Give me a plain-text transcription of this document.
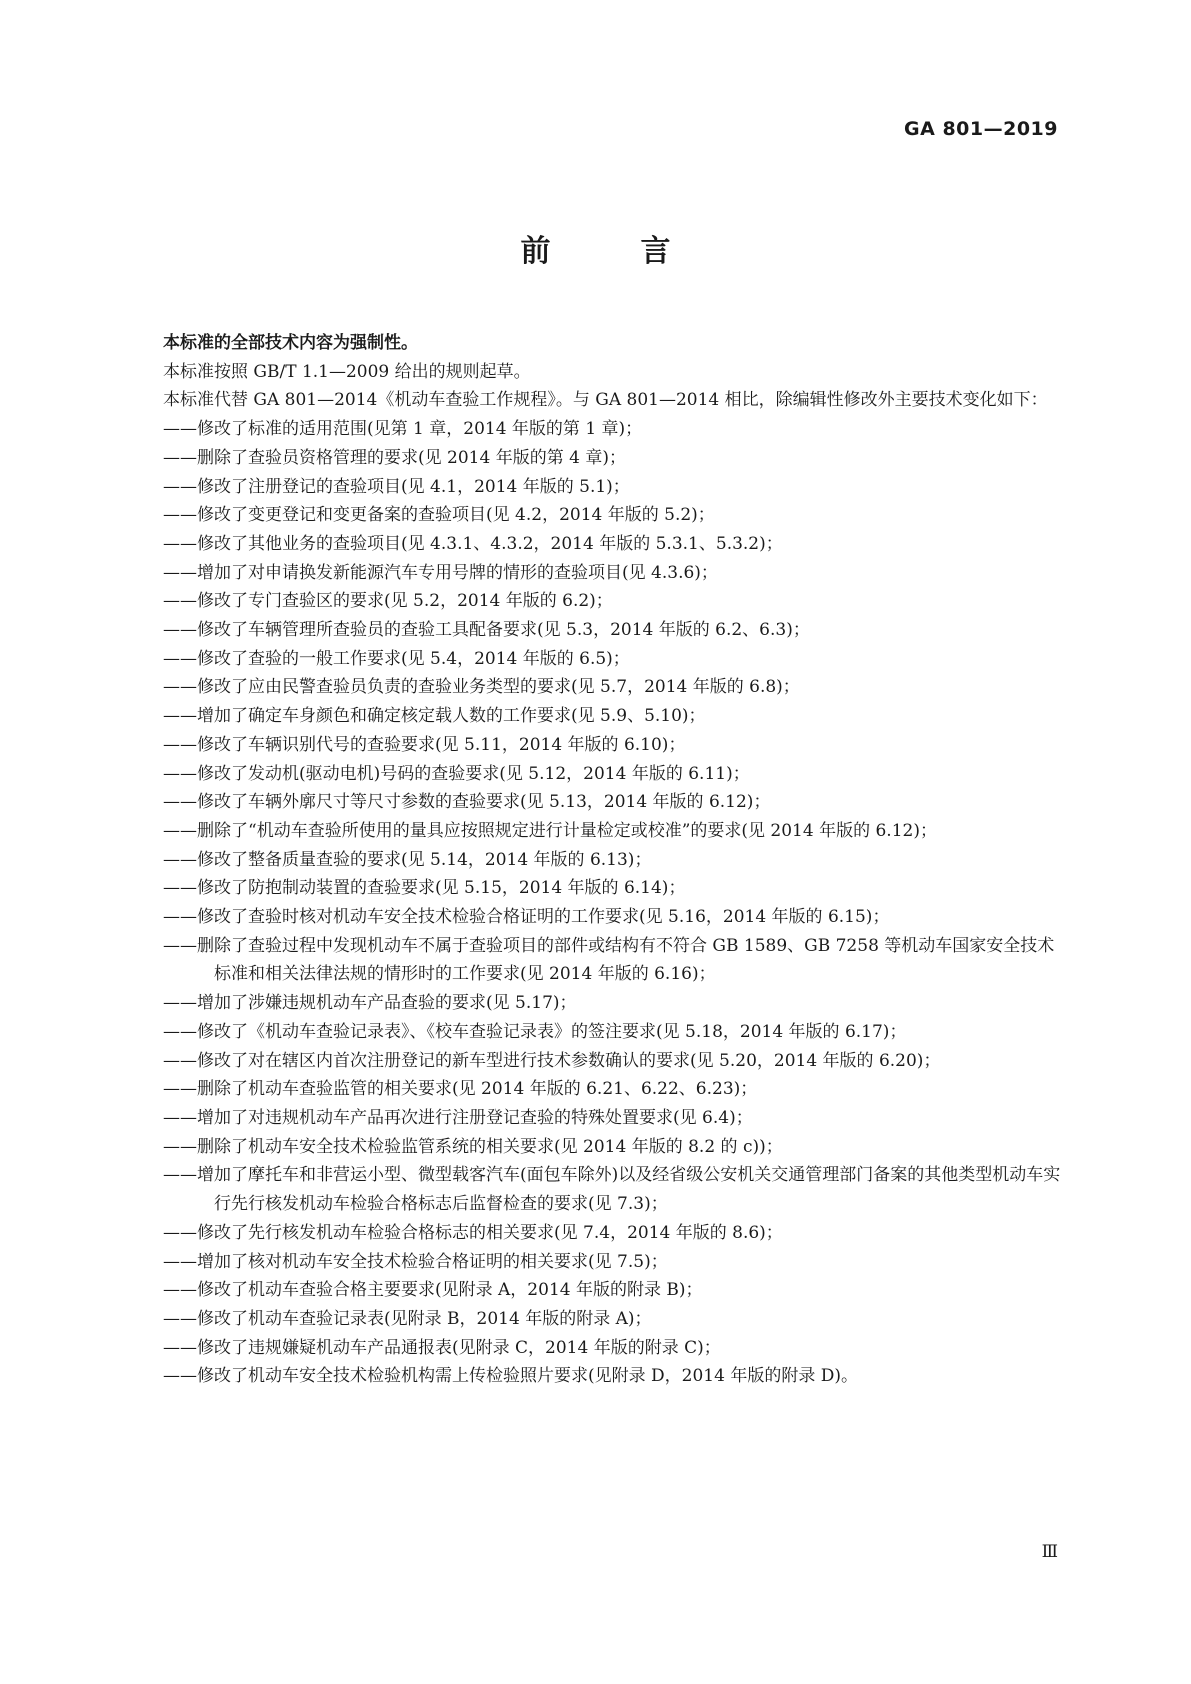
GA 801—2019
前　言

本标准的全部技术内容为强制性。

本标准按照 GB/T 1.1—2009 给出的规则起草。

本标准代替 GA 801—2014《机动车查验工作规程》。与 GA 801—2014 相比，除编辑性修改外主要技术变化如下：

——修改了标准的适用范围(见第 1 章，2014 年版的第 1 章)；
——删除了查验员资格管理的要求(见 2014 年版的第 4 章)；
——修改了注册登记的查验项目(见 4.1，2014 年版的 5.1)；
——修改了变更登记和变更备案的查验项目(见 4.2，2014 年版的 5.2)；
——修改了其他业务的查验项目(见 4.3.1、4.3.2，2014 年版的 5.3.1、5.3.2)；
——增加了对申请换发新能源汽车专用号牌的情形的查验项目(见 4.3.6)；
——修改了专门查验区的要求(见 5.2，2014 年版的 6.2)；
——修改了车辆管理所查验员的查验工具配备要求(见 5.3，2014 年版的 6.2、6.3)；
——修改了查验的一般工作要求(见 5.4，2014 年版的 6.5)；
——修改了应由民警查验员负责的查验业务类型的要求(见 5.7，2014 年版的 6.8)；
——增加了确定车身颜色和确定核定载人数的工作要求(见 5.9、5.10)；
——修改了车辆识别代号的查验要求(见 5.11，2014 年版的 6.10)；
——修改了发动机(驱动电机)号码的查验要求(见 5.12，2014 年版的 6.11)；
——修改了车辆外廓尺寸等尺寸参数的查验要求(见 5.13，2014 年版的 6.12)；
——删除了“机动车查验所使用的量具应按照规定进行计量检定或校准”的要求(见 2014 年版的 6.12)；
——修改了整备质量查验的要求(见 5.14，2014 年版的 6.13)；
——修改了防抱制动装置的查验要求(见 5.15，2014 年版的 6.14)；
——修改了查验时核对机动车安全技术检验合格证明的工作要求(见 5.16，2014 年版的 6.15)；
——删除了查验过程中发现机动车不属于查验项目的部件或结构有不符合 GB 1589、GB 7258 等机动车国家安全技术标准和相关法律法规的情形时的工作要求(见 2014 年版的 6.16)；
——增加了涉嫌违规机动车产品查验的要求(见 5.17)；
——修改了《机动车查验记录表》、《校车查验记录表》的签注要求(见 5.18，2014 年版的 6.17)；
——修改了对在辖区内首次注册登记的新车型进行技术参数确认的要求(见 5.20，2014 年版的 6.20)；
——删除了机动车查验监管的相关要求(见 2014 年版的 6.21、6.22、6.23)；
——增加了对违规机动车产品再次进行注册登记查验的特殊处置要求(见 6.4)；
——删除了机动车安全技术检验监管系统的相关要求(见 2014 年版的 8.2 的 c))；
——增加了摩托车和非营运小型、微型载客汽车(面包车除外)以及经省级公安机关交通管理部门备案的其他类型机动车实行先行核发机动车检验合格标志后监督检查的要求(见 7.3)；
——修改了先行核发机动车检验合格标志的相关要求(见 7.4，2014 年版的 8.6)；
——增加了核对机动车安全技术检验合格证明的相关要求(见 7.5)；
——修改了机动车查验合格主要要求(见附录 A，2014 年版的附录 B)；
——修改了机动车查验记录表(见附录 B，2014 年版的附录 A)；
——修改了违规嫌疑机动车产品通报表(见附录 C，2014 年版的附录 C)；
——修改了机动车安全技术检验机构需上传检验照片要求(见附录 D，2014 年版的附录 D)。
Ⅲ
